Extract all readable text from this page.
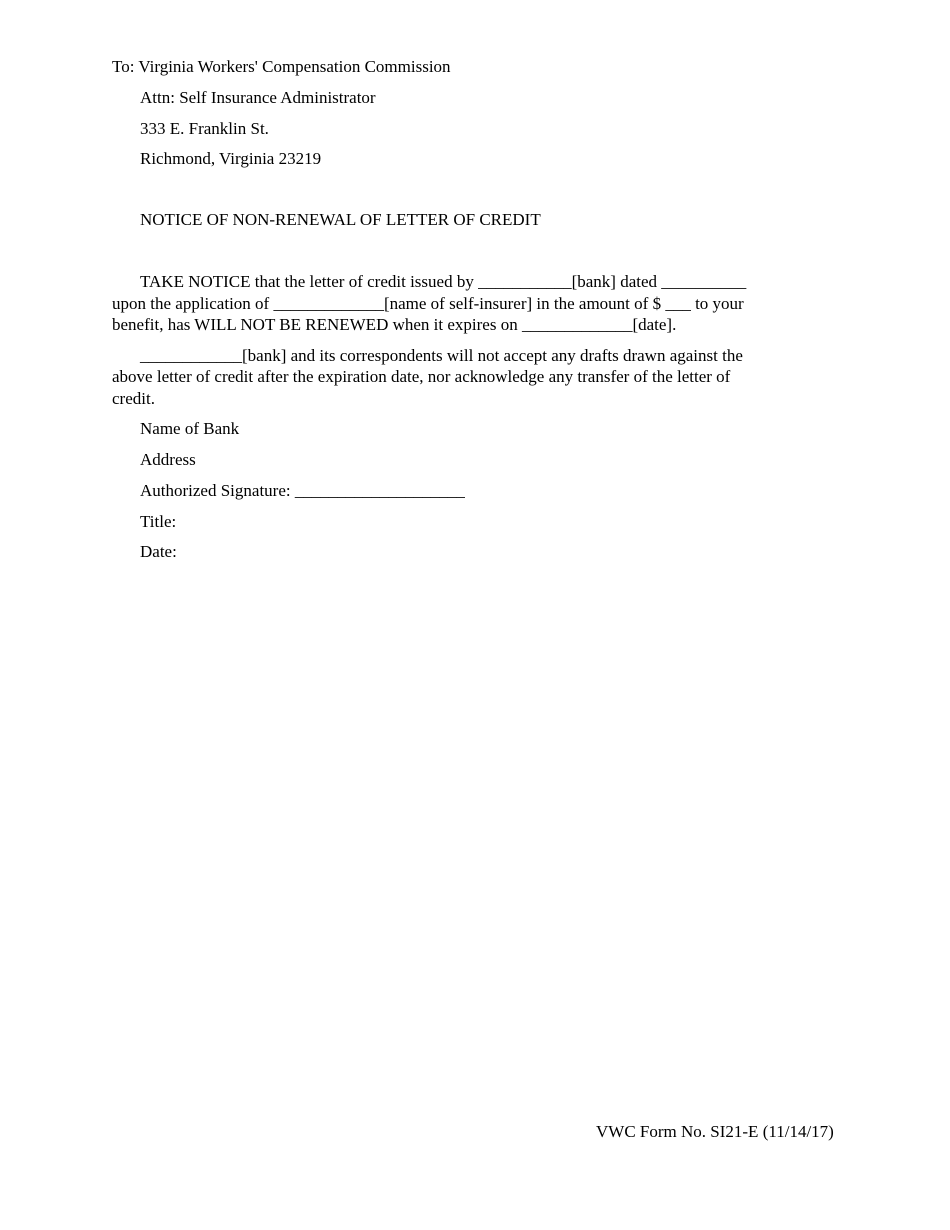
To: Virginia Workers' Compensation Commission
Attn: Self Insurance Administrator
333 E. Franklin St.
Richmond, Virginia 23219
NOTICE OF NON-RENEWAL OF LETTER OF CREDIT
TAKE NOTICE that the letter of credit issued by ___________[bank] dated __________
upon the application of _____________[name of self-insurer] in the amount of $ ___ to your
benefit, has WILL NOT BE RENEWED when it expires on _____________[date].
____________[bank] and its correspondents will not accept any drafts drawn against the
above letter of credit after the expiration date, nor acknowledge any transfer of the letter of
credit.
Name of Bank
Address
Authorized Signature: ____________________
Title:
Date:
VWC Form No. SI21-E (11/14/17)
